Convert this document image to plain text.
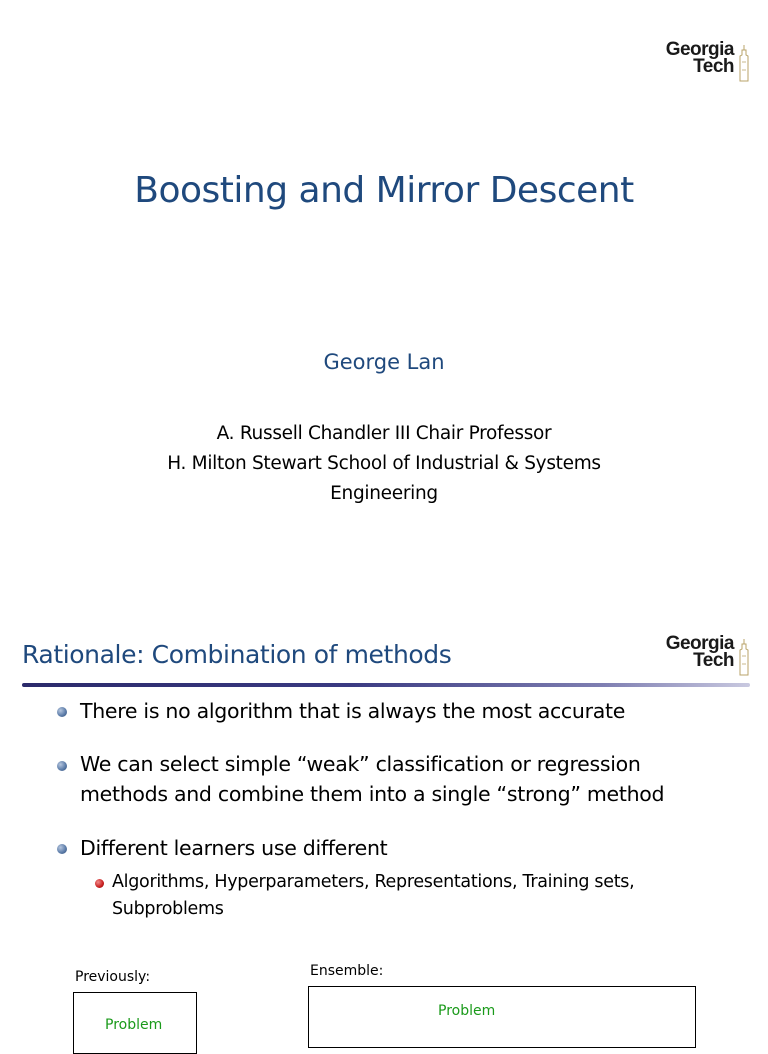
Georgia
Tech
Boosting and Mirror Descent
George Lan
A. Russell Chandler III Chair Professor
H. Milton Stewart School of Industrial & Systems
Engineering
Georgia
Tech
Rationale: Combination of methods
There is no algorithm that is always the most accurate
We can select simple “weak” classification or regression
methods and combine them into a single “strong” method
Different learners use different
Algorithms, Hyperparameters, Representations, Training sets,
Subproblems
Previously:	Ensemble:
Problem
Problem
